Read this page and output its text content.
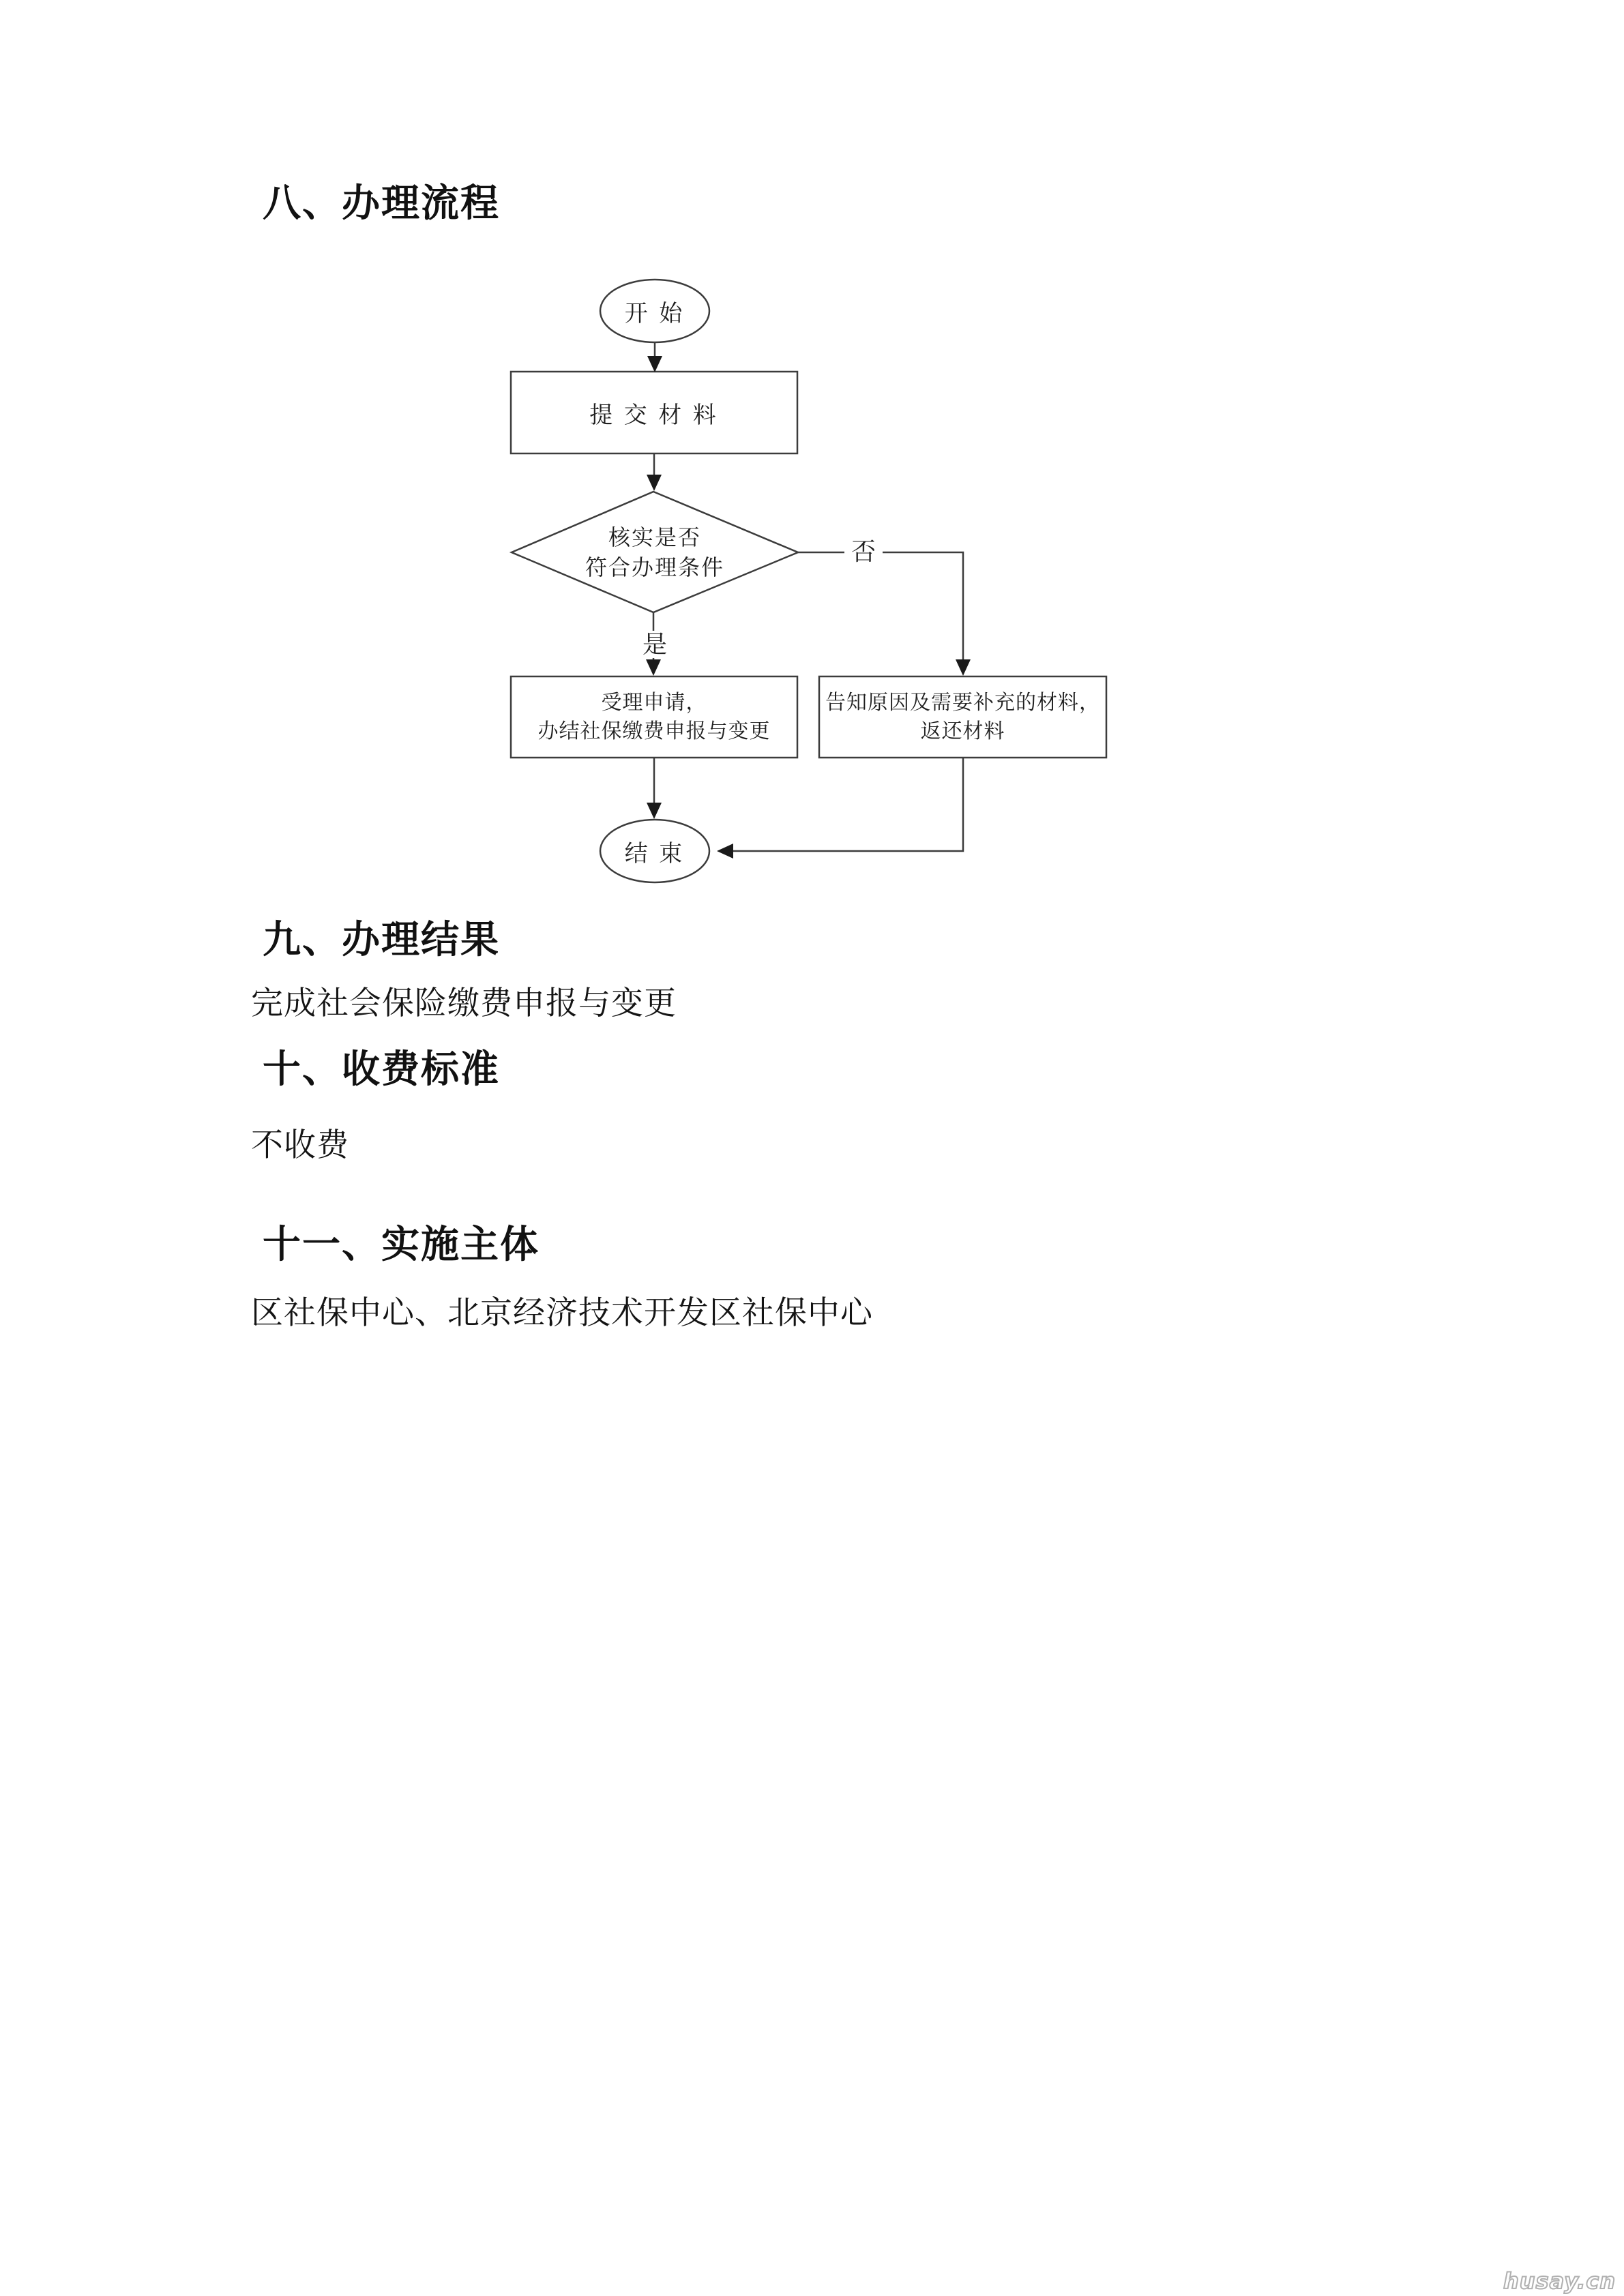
八、办理流程
开 始
提 交 材 料
核实是否
符合办理条件
受理申请，
办结社保缴费申报与变更
告知原因及需要补充的材料，
返还材料
结 束
是
否
九、办理结果
完成社会保险缴费申报与变更
十、收费标准
不收费
十一、实施主体
区社保中心、北京经济技术开发区社保中心
husay.cn
